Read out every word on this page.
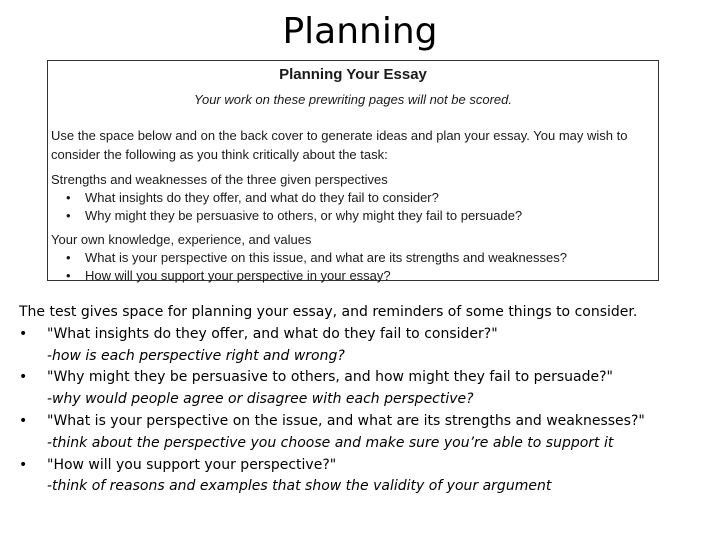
Planning
Planning Your Essay
Your work on these prewriting pages will not be scored.
Use the space below and on the back cover to generate ideas and plan your essay. You may wish to consider the following as you think critically about the task:
Strengths and weaknesses of the three given perspectives
• What insights do they offer, and what do they fail to consider?
• Why might they be persuasive to others, or why might they fail to persuade?
Your own knowledge, experience, and values
• What is your perspective on this issue, and what are its strengths and weaknesses?
• How will you support your perspective in your essay?
The test gives space for planning your essay, and reminders of some things to consider.
• "What insights do they offer, and what do they fail to consider?"
-how is each perspective right and wrong?
• "Why might they be persuasive to others, and how might they fail to persuade?"
-why would people agree or disagree with each perspective?
• "What is your perspective on the issue, and what are its strengths and weaknesses?"
-think about the perspective you choose and make sure you’re able to support it
• "How will you support your perspective?"
-think of reasons and examples that show the validity of your argument
